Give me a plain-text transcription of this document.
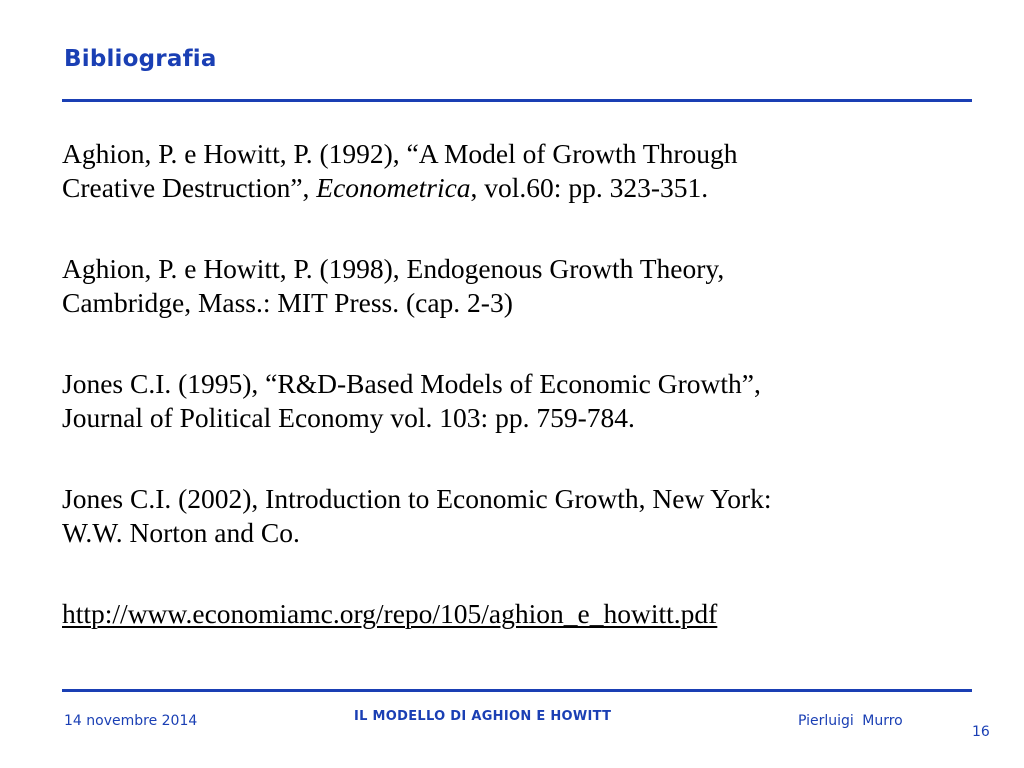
Bibliografia
Aghion, P. e Howitt, P. (1992), “A Model of Growth Through
Creative Destruction”, Econometrica, vol.60: pp. 323-351.
Aghion, P. e Howitt, P. (1998), Endogenous Growth Theory,
Cambridge, Mass.: MIT Press. (cap. 2-3)
Jones C.I. (1995), “R&D-Based Models of Economic Growth”,
Journal of Political Economy vol. 103: pp. 759-784.
Jones C.I. (2002), Introduction to Economic Growth, New York:
W.W. Norton and Co.
http://www.economiamc.org/repo/105/aghion_e_howitt.pdf
14 novembre 2014	IL MODELLO DI AGHION E HOWITT	Pierluigi Murro
16
